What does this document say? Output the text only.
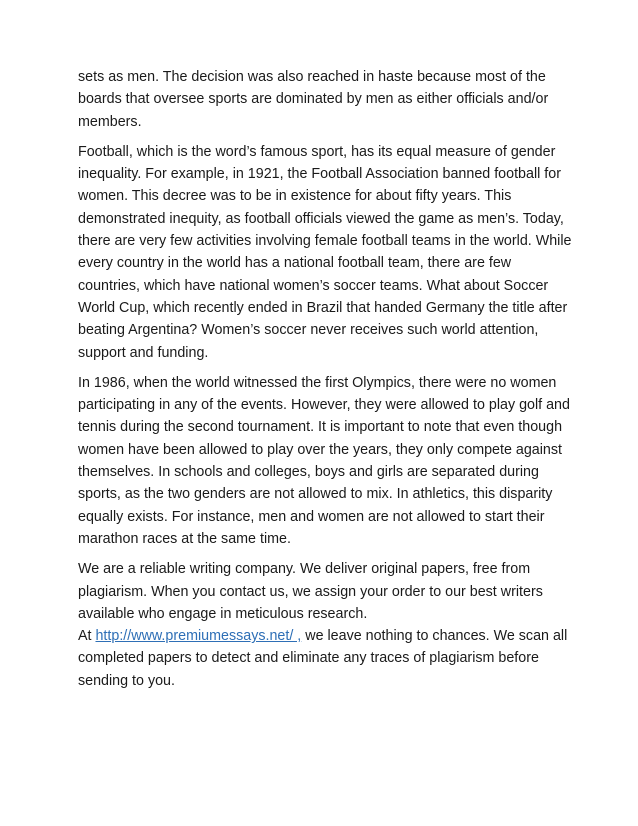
sets as men. The decision was also reached in haste because most of the boards that oversee sports are dominated by men as either officials and/or members.

Football, which is the word’s famous sport, has its equal measure of gender inequality. For example, in 1921, the Football Association banned football for women. This decree was to be in existence for about fifty years. This demonstrated inequity, as football officials viewed the game as men’s. Today, there are very few activities involving female football teams in the world. While every country in the world has a national football team, there are few countries, which have national women’s soccer teams. What about Soccer World Cup, which recently ended in Brazil that handed Germany the title after beating Argentina? Women’s soccer never receives such world attention, support and funding.

In 1986, when the world witnessed the first Olympics, there were no women participating in any of the events. However, they were allowed to play golf and tennis during the second tournament. It is important to note that even though women have been allowed to play over the years, they only compete against themselves. In schools and colleges, boys and girls are separated during sports, as the two genders are not allowed to mix. In athletics, this disparity equally exists. For instance, men and women are not allowed to start their marathon races at the same time.

We are a reliable writing company. We deliver original papers, free from plagiarism. When you contact us, we assign your order to our best writers available who engage in meticulous research.
At http://www.premiumessays.net/ , we leave nothing to chances. We scan all completed papers to detect and eliminate any traces of plagiarism before sending to you.
